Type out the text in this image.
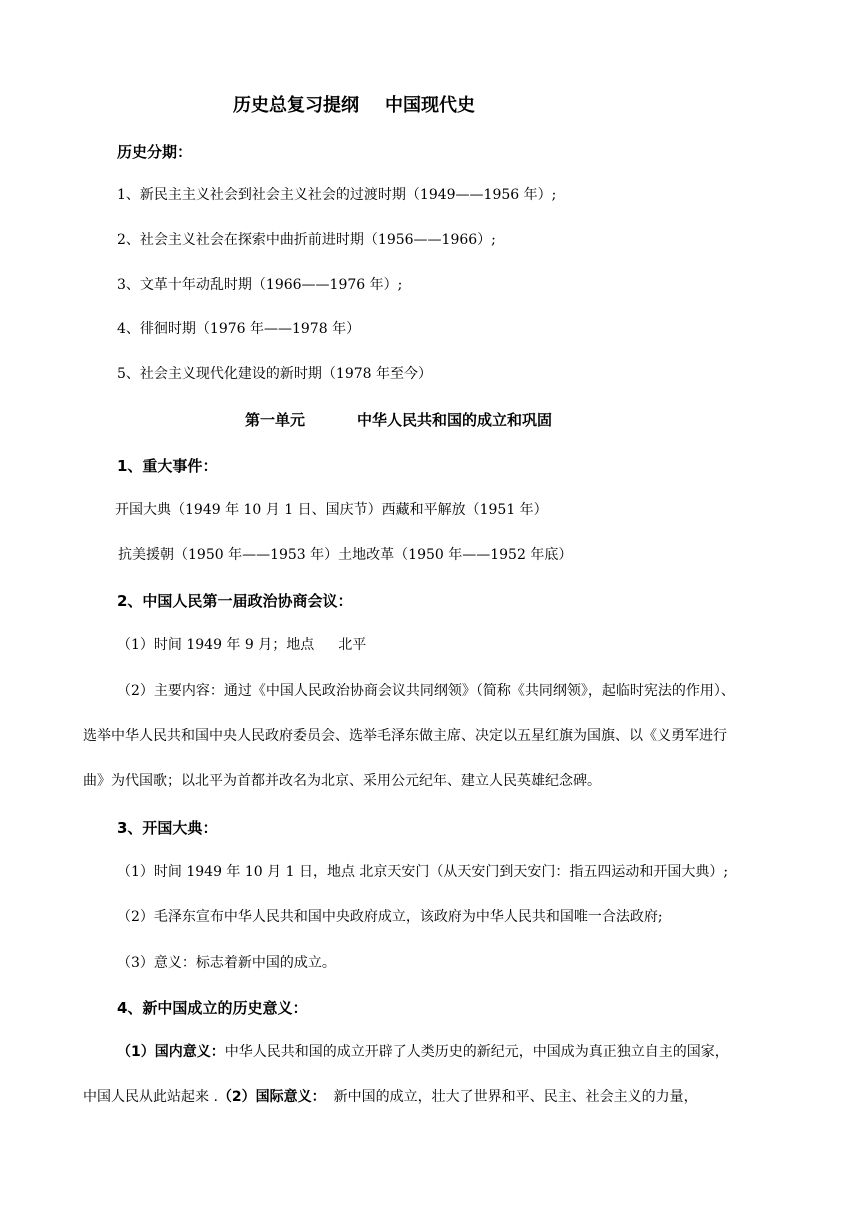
历史总复习提纲 中国现代史
历史分期：
1、新民主主义社会到社会主义社会的过渡时期（1949——1956 年）;
2、社会主义社会在探索中曲折前进时期（1956——1966）;
3、文革十年动乱时期（1966——1976 年）;
4、徘徊时期（1976 年——1978 年）
5、社会主义现代化建设的新时期（1978 年至今）
第一单元	中华人民共和国的成立和巩固
1、重大事件：
开国大典（1949 年 10 月 1 日、国庆节）西藏和平解放（1951 年）
抗美援朝（1950 年——1953 年）土地改革（1950 年——1952 年底）
2、中国人民第一届政治协商会议：
（1）时间 1949 年 9 月；地点 北平
（2）主要内容：通过《中国人民政治协商会议共同纲领》（简称《共同纲领》，起临时宪法的作用）、
选举中华人民共和国中央人民政府委员会、选举毛泽东做主席、决定以五星红旗为国旗、以《义勇军进行
曲》为代国歌；以北平为首都并改名为北京、采用公元纪年、建立人民英雄纪念碑。
3、开国大典：
（1）时间 1949 年 10 月 1 日，地点 北京天安门（从天安门到天安门：指五四运动和开国大典）;
（2）毛泽东宣布中华人民共和国中央政府成立，该政府为中华人民共和国唯一合法政府;
（3）意义：标志着新中国的成立。
4、新中国成立的历史意义：
（1）国内意义：中华人民共和国的成立开辟了人类历史的新纪元，中国成为真正独立自主的国家，
中国人民从此站起来 .（2）国际意义： 新中国的成立，壮大了世界和平、民主、社会主义的力量，
